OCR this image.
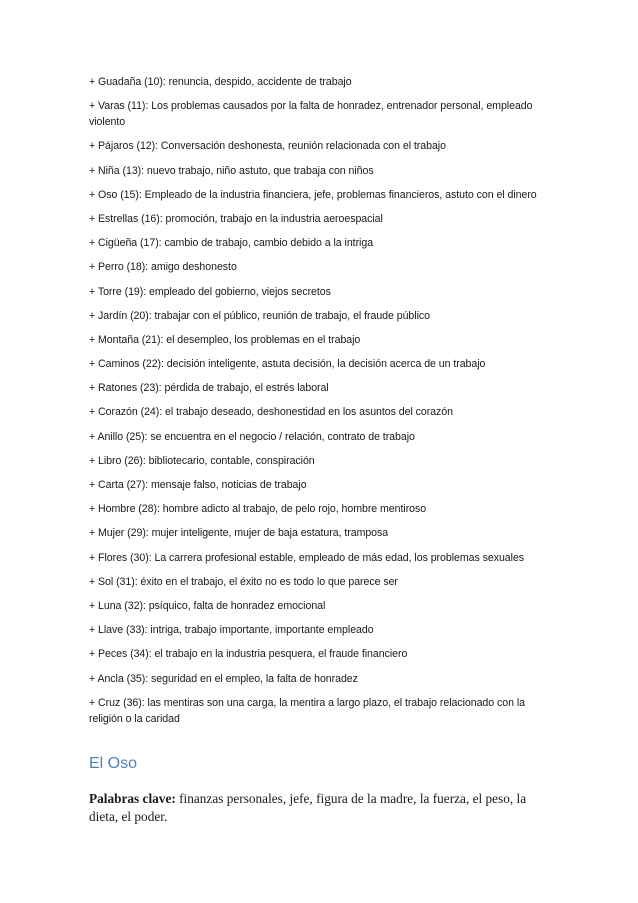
+ Guadaña (10): renuncia, despido, accidente de trabajo
+ Varas (11): Los problemas causados por la falta de honradez, entrenador personal, empleado violento
+ Pájaros (12): Conversación deshonesta, reunión relacionada con el trabajo
+ Niña (13): nuevo trabajo, niño astuto, que trabaja con niños
+ Oso (15): Empleado de la industria financiera, jefe, problemas financieros, astuto con el dinero
+ Estrellas (16): promoción, trabajo en la industria aeroespacial
+ Cigüeña (17): cambio de trabajo, cambio debido a la intriga
+ Perro (18): amigo deshonesto
+ Torre (19): empleado del gobierno, viejos secretos
+ Jardín (20): trabajar con el público, reunión de trabajo, el fraude público
+ Montaña (21): el desempleo, los problemas en el trabajo
+ Caminos (22): decisión inteligente, astuta decisión, la decisión acerca de un trabajo
+ Ratones (23): pérdida de trabajo, el estrés laboral
+ Corazón (24): el trabajo deseado, deshonestidad en los asuntos del corazón
+ Anillo (25): se encuentra en el negocio / relación, contrato de trabajo
+ Libro (26): bibliotecario, contable, conspiración
+ Carta (27): mensaje falso, noticias de trabajo
+ Hombre (28): hombre adicto al trabajo, de pelo rojo, hombre mentiroso
+ Mujer (29): mujer inteligente, mujer de baja estatura, tramposa
+ Flores (30): La carrera profesional estable, empleado de más edad, los problemas sexuales
+ Sol (31): éxito en el trabajo, el éxito no es todo lo que parece ser
+ Luna (32): psíquico, falta de honradez emocional
+ Llave (33): intriga, trabajo importante, importante empleado
+ Peces (34): el trabajo en la industria pesquera, el fraude financiero
+ Ancla (35): seguridad en el empleo, la falta de honradez
+ Cruz (36): las mentiras son una carga, la mentira a largo plazo, el trabajo relacionado con la religión o la caridad
El Oso

Palabras clave: finanzas personales, jefe, figura de la madre, la fuerza, el peso, la dieta, el poder.
